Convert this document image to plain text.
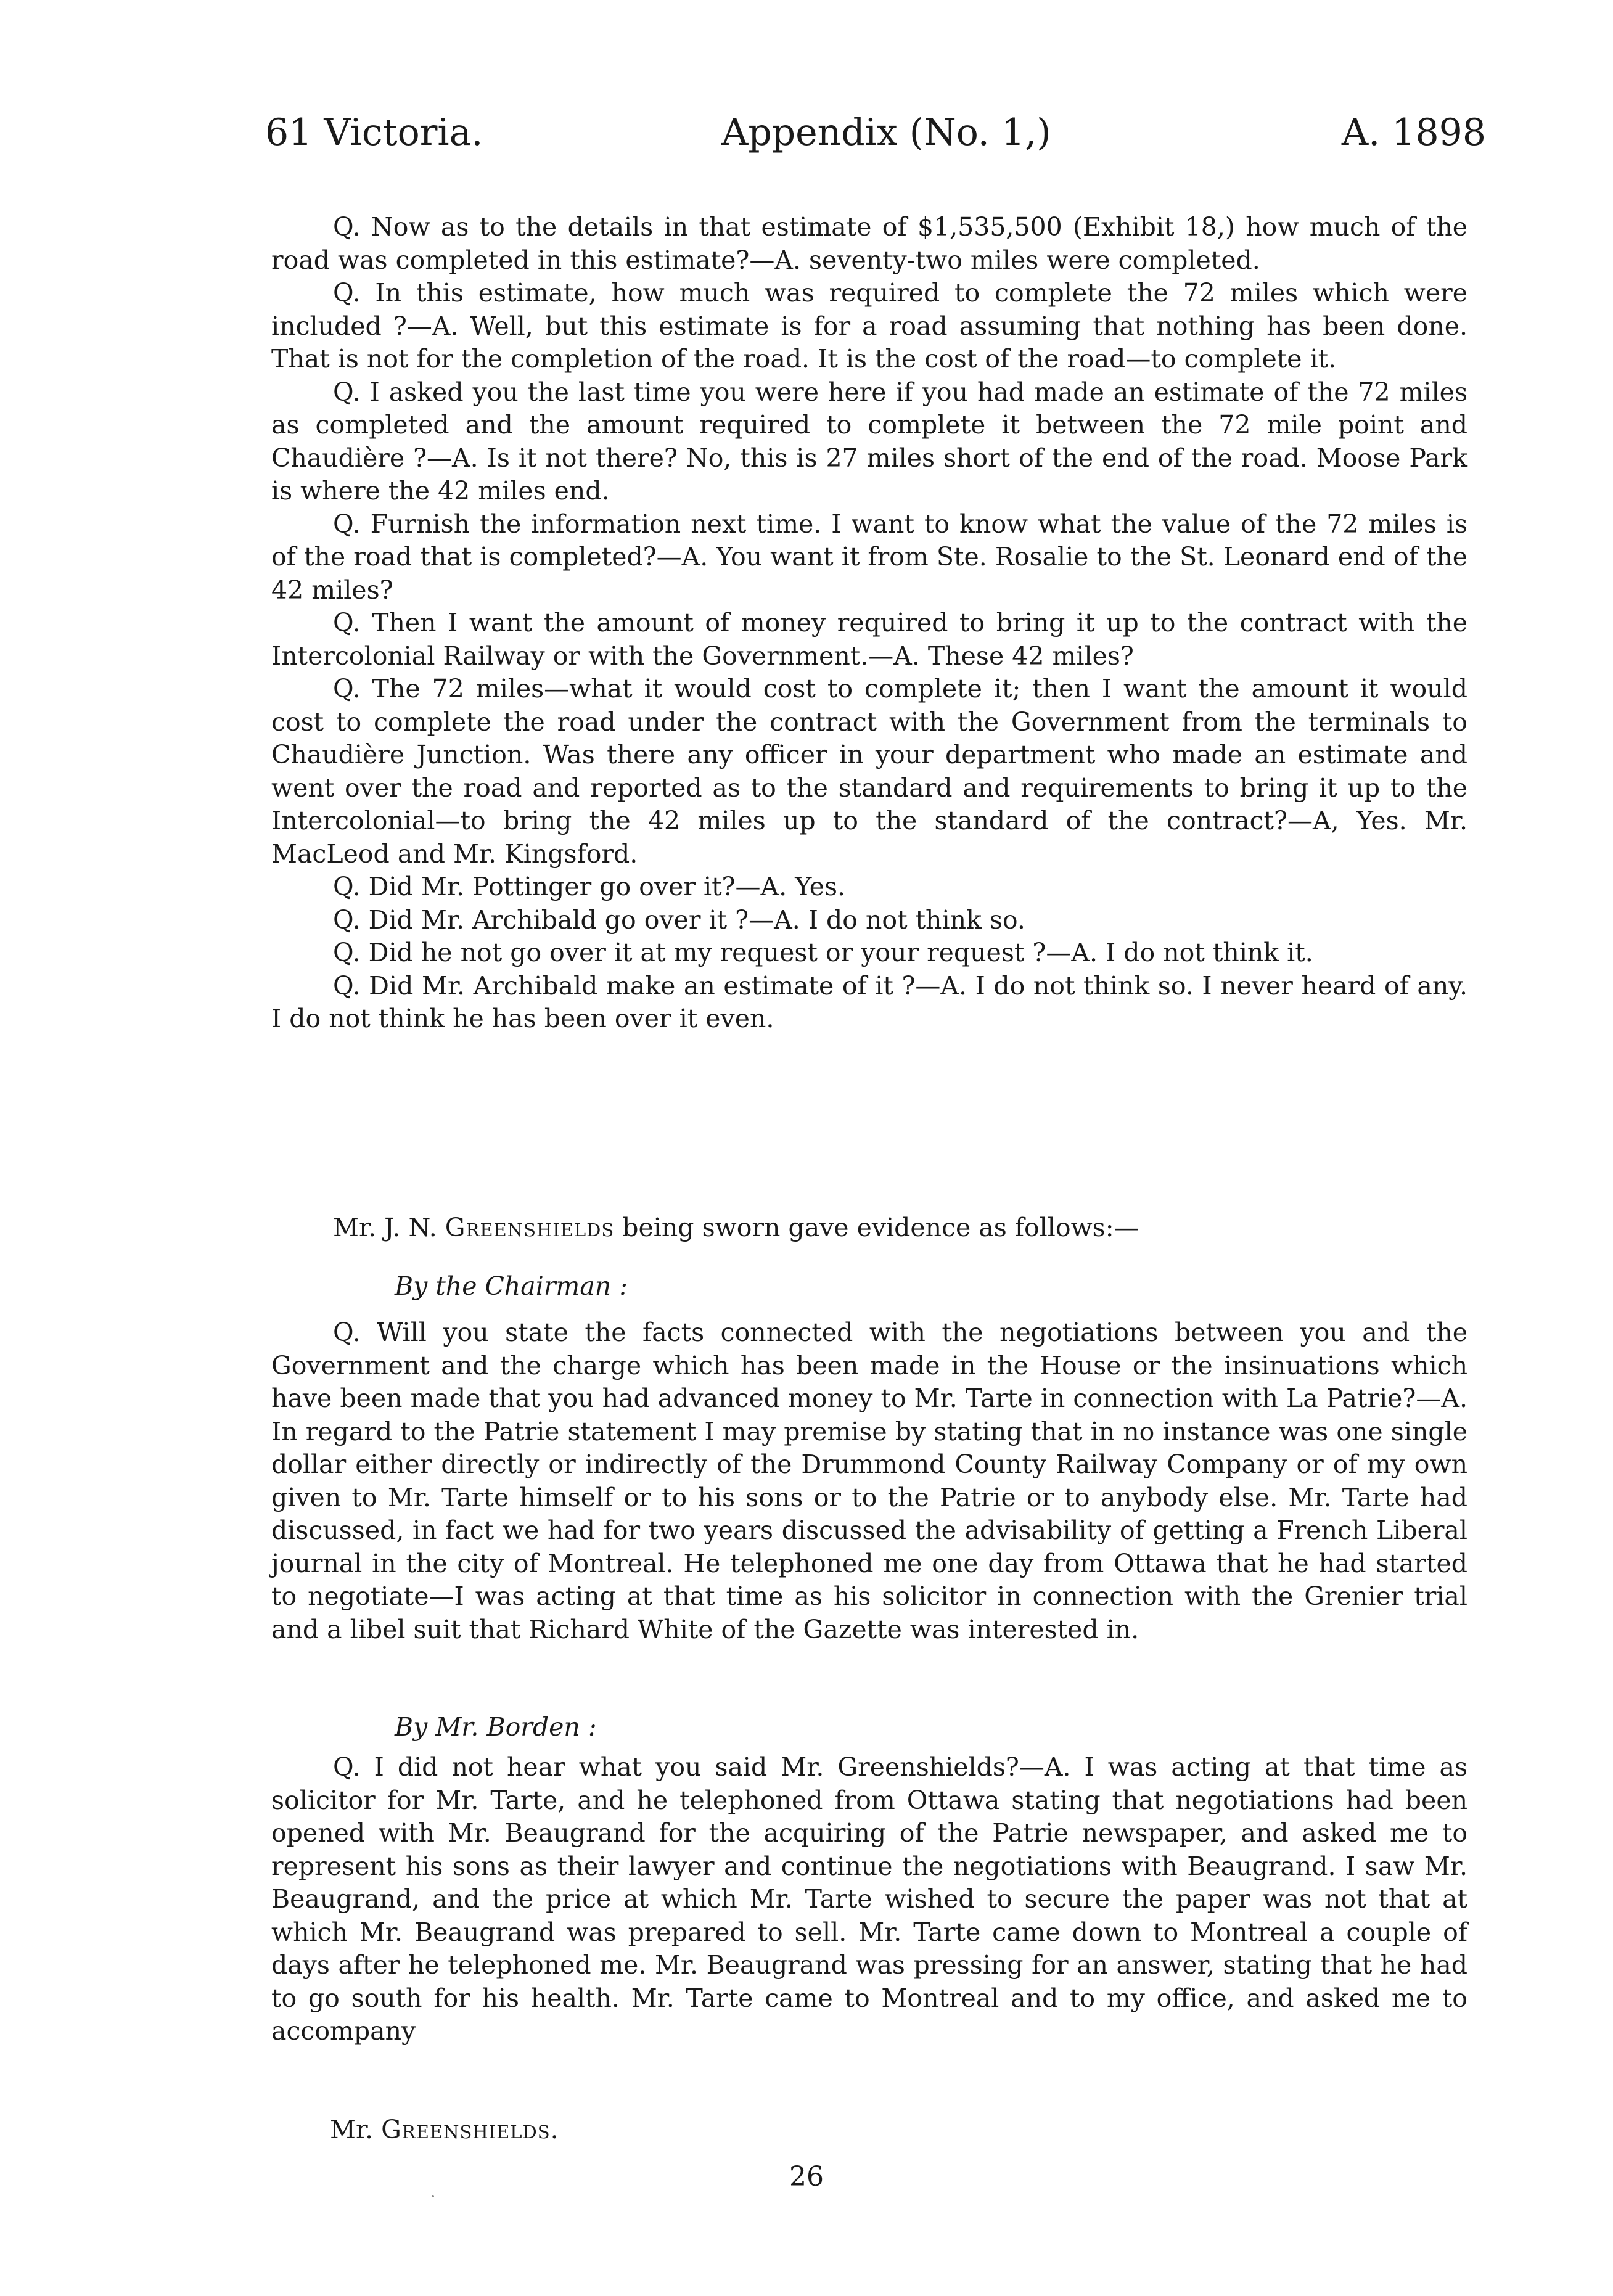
61 Victoria.	Appendix (No. 1,)	A. 1898

Q. Now as to the details in that estimate of $1,535,500 (Exhibit 18,) how much of the road was completed in this estimate?—A. seventy-two miles were completed.

Q. In this estimate, how much was required to complete the 72 miles which were included ?—A. Well, but this estimate is for a road assuming that nothing has been done. That is not for the completion of the road. It is the cost of the road—to complete it.

Q. I asked you the last time you were here if you had made an estimate of the 72 miles as completed and the amount required to complete it between the 72 mile point and Chaudière ?—A. Is it not there? No, this is 27 miles short of the end of the road. Moose Park is where the 42 miles end.

Q. Furnish the information next time. I want to know what the value of the 72 miles is of the road that is completed?—A. You want it from Ste. Rosalie to the St. Leonard end of the 42 miles?

Q. Then I want the amount of money required to bring it up to the contract with the Intercolonial Railway or with the Government.—A. These 42 miles?

Q. The 72 miles—what it would cost to complete it; then I want the amount it would cost to complete the road under the contract with the Government from the terminals to Chaudière Junction. Was there any officer in your department who made an estimate and went over the road and reported as to the standard and requirements to bring it up to the Intercolonial—to bring the 42 miles up to the standard of the contract?—A, Yes. Mr. MacLeod and Mr. Kingsford.

Q. Did Mr. Pottinger go over it?—A. Yes.

Q. Did Mr. Archibald go over it ?—A. I do not think so.

Q. Did he not go over it at my request or your request ?—A. I do not think it.

Q. Did Mr. Archibald make an estimate of it ?—A. I do not think so. I never heard of any. I do not think he has been over it even.

Mr. J. N. Greenshields being sworn gave evidence as follows:—

By the Chairman :

Q. Will you state the facts connected with the negotiations between you and the Government and the charge which has been made in the House or the insinuations which have been made that you had advanced money to Mr. Tarte in connection with La Patrie?—A. In regard to the Patrie statement I may premise by stating that in no instance was one single dollar either directly or indirectly of the Drummond County Railway Company or of my own given to Mr. Tarte himself or to his sons or to the Patrie or to anybody else. Mr. Tarte had discussed, in fact we had for two years discussed the advisability of getting a French Liberal journal in the city of Montreal. He telephoned me one day from Ottawa that he had started to negotiate—I was acting at that time as his solicitor in connection with the Grenier trial and a libel suit that Richard White of the Gazette was interested in.

By Mr. Borden :

Q. I did not hear what you said Mr. Greenshields?—A. I was acting at that time as solicitor for Mr. Tarte, and he telephoned from Ottawa stating that negotiations had been opened with Mr. Beaugrand for the acquiring of the Patrie newspaper, and asked me to represent his sons as their lawyer and continue the negotiations with Beaugrand. I saw Mr. Beaugrand, and the price at which Mr. Tarte wished to secure the paper was not that at which Mr. Beaugrand was prepared to sell. Mr. Tarte came down to Montreal a couple of days after he telephoned me. Mr. Beaugrand was pressing for an answer, stating that he had to go south for his health. Mr. Tarte came to Montreal and to my office, and asked me to accompany

Mr. Greenshields.
26
